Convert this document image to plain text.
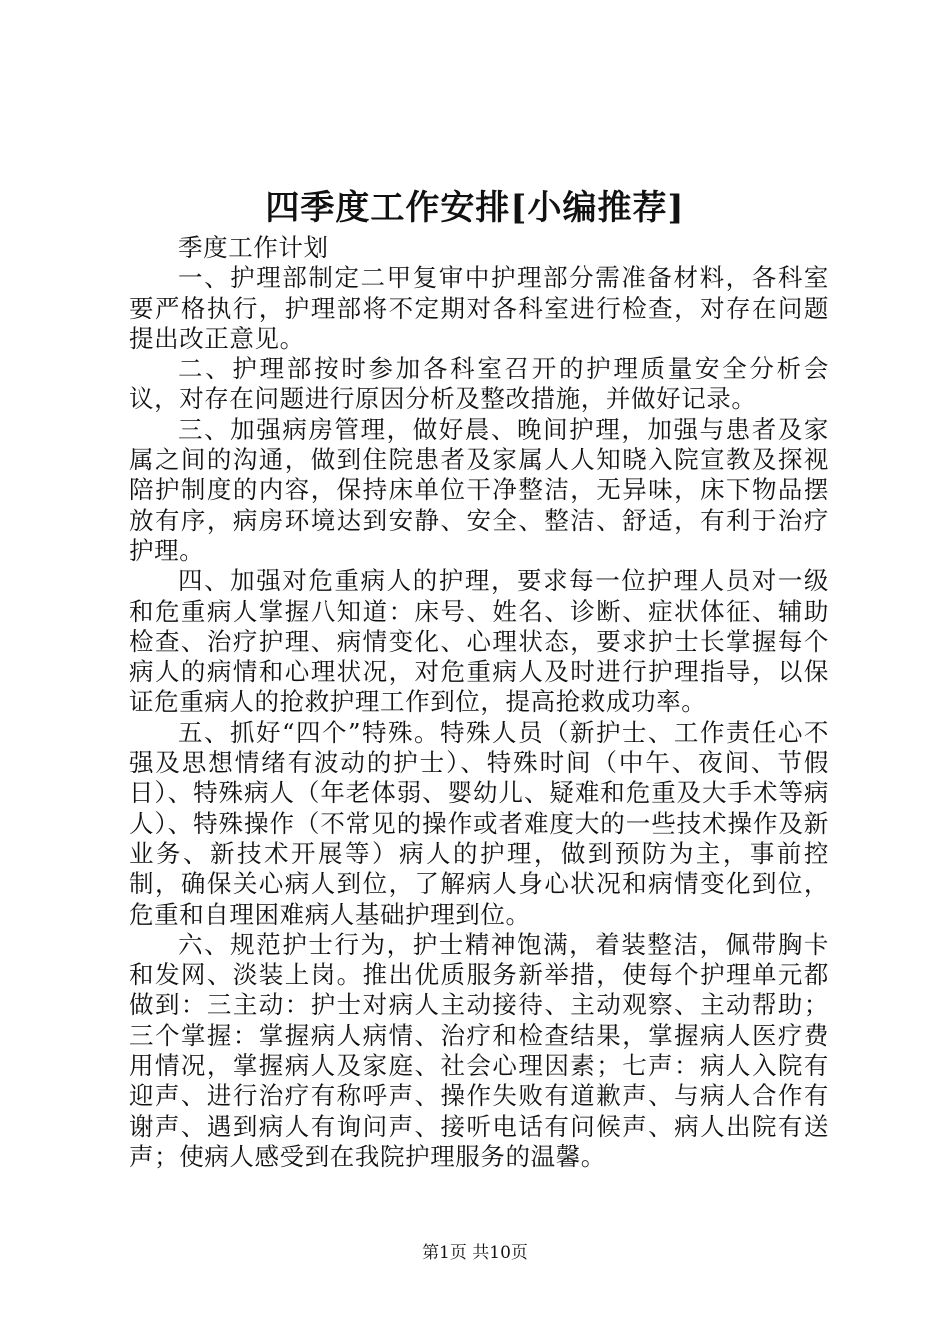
四季度工作安排[小编推荐]

季度工作计划

一、护理部制定二甲复审中护理部分需准备材料，各科室要严格执行，护理部将不定期对各科室进行检查，对存在问题提出改正意见。

二、护理部按时参加各科室召开的护理质量安全分析会议，对存在问题进行原因分析及整改措施，并做好记录。

三、加强病房管理，做好晨、晚间护理，加强与患者及家属之间的沟通，做到住院患者及家属人人知晓入院宣教及探视陪护制度的内容，保持床单位干净整洁，无异味，床下物品摆放有序，病房环境达到安静、安全、整洁、舒适，有利于治疗护理。

四、加强对危重病人的护理，要求每一位护理人员对一级和危重病人掌握八知道：床号、姓名、诊断、症状体征、辅助检查、治疗护理、病情变化、心理状态，要求护士长掌握每个病人的病情和心理状况，对危重病人及时进行护理指导，以保证危重病人的抢救护理工作到位，提高抢救成功率。

五、抓好“四个”特殊。特殊人员（新护士、工作责任心不强及思想情绪有波动的护士）、特殊时间（中午、夜间、节假日）、特殊病人（年老体弱、婴幼儿、疑难和危重及大手术等病人）、特殊操作（不常见的操作或者难度大的一些技术操作及新业务、新技术开展等）病人的护理，做到预防为主，事前控制，确保关心病人到位，了解病人身心状况和病情变化到位，危重和自理困难病人基础护理到位。

六、规范护士行为，护士精神饱满，着装整洁，佩带胸卡和发网、淡装上岗。推出优质服务新举措，使每个护理单元都做到：三主动：护士对病人主动接待、主动观察、主动帮助；三个掌握：掌握病人病情、治疗和检查结果，掌握病人医疗费用情况，掌握病人及家庭、社会心理因素；七声：病人入院有迎声、进行治疗有称呼声、操作失败有道歉声、与病人合作有谢声、遇到病人有询问声、接听电话有问候声、病人出院有送声；使病人感受到在我院护理服务的温馨。

第1页 共10页
